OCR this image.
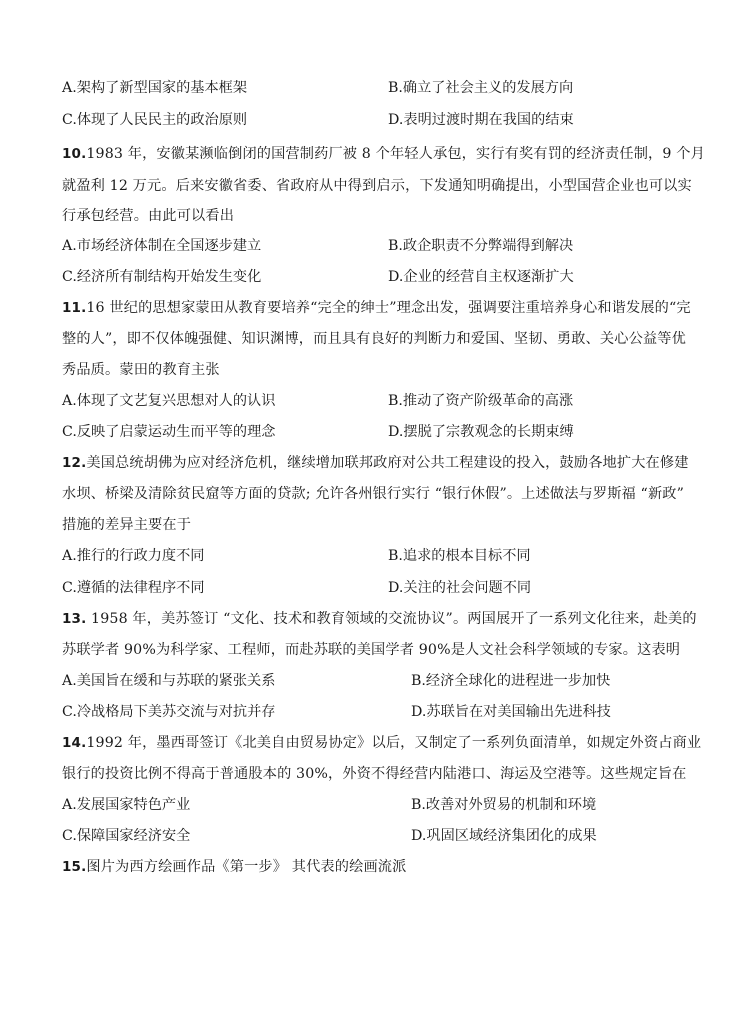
A.架构了新型国家的基本框架	B.确立了社会主义的发展方向
C.体现了人民民主的政治原则	D.表明过渡时期在我国的结束
10.1983 年，安徽某濒临倒闭的国营制药厂被 8 个年轻人承包，实行有奖有罚的经济责任制，9 个月
就盈利 12 万元。后来安徽省委、省政府从中得到启示，下发通知明确提出，小型国营企业也可以实
行承包经营。由此可以看出
A.市场经济体制在全国逐步建立	B.政企职责不分弊端得到解决
C.经济所有制结构开始发生变化	D.企业的经营自主权逐渐扩大
11.16 世纪的思想家蒙田从教育要培养“完全的绅士”理念出发，强调要注重培养身心和谐发展的“完
整的人”，即不仅体魄强健、知识渊博，而且具有良好的判断力和爱国、坚韧、勇敢、关心公益等优
秀品质。蒙田的教育主张
A.体现了文艺复兴思想对人的认识	B.推动了资产阶级革命的高涨
C.反映了启蒙运动生而平等的理念	D.摆脱了宗教观念的长期束缚
12.美国总统胡佛为应对经济危机，继续增加联邦政府对公共工程建设的投入，鼓励各地扩大在修建
水坝、桥梁及清除贫民窟等方面的贷款; 允许各州银行实行 “银行休假”。上述做法与罗斯福 “新政”
措施的差异主要在于
A.推行的行政力度不同	B.追求的根本目标不同
C.遵循的法律程序不同	D.关注的社会问题不同
13. 1958 年，美苏签订 “文化、技术和教育领域的交流协议”。两国展开了一系列文化往来，赴美的
苏联学者 90%为科学家、工程师，而赴苏联的美国学者 90%是人文社会科学领域的专家。这表明
A.美国旨在缓和与苏联的紧张关系	B.经济全球化的进程进一步加快
C.冷战格局下美苏交流与对抗并存	D.苏联旨在对美国输出先进科技
14.1992 年，墨西哥签订《北美自由贸易协定》以后，又制定了一系列负面清单，如规定外资占商业
银行的投资比例不得高于普通股本的 30%，外资不得经营内陆港口、海运及空港等。这些规定旨在
A.发展国家特色产业	B.改善对外贸易的机制和环境
C.保障国家经济安全	D.巩固区域经济集团化的成果
15.图片为西方绘画作品《第一步》 其代表的绘画流派
